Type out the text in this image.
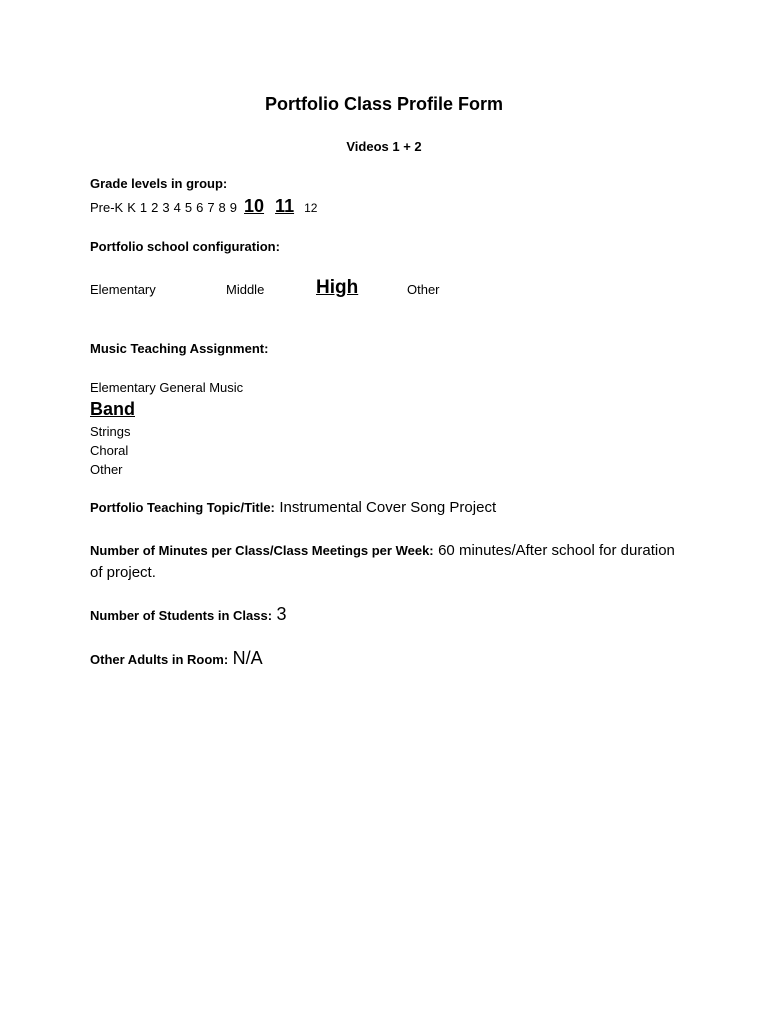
Portfolio Class Profile Form
Videos 1 + 2
Grade levels in group:
Pre-K K 1 2 3 4 5 6 7 8 9 10 11 12
Portfolio school configuration:
Elementary	Middle	High	Other
Music Teaching Assignment:
Elementary General Music
Band
Strings
Choral
Other
Portfolio Teaching Topic/Title: Instrumental Cover Song Project
Number of Minutes per Class/Class Meetings per Week: 60 minutes/After school for duration of project.
Number of Students in Class: 3
Other Adults in Room: N/A
